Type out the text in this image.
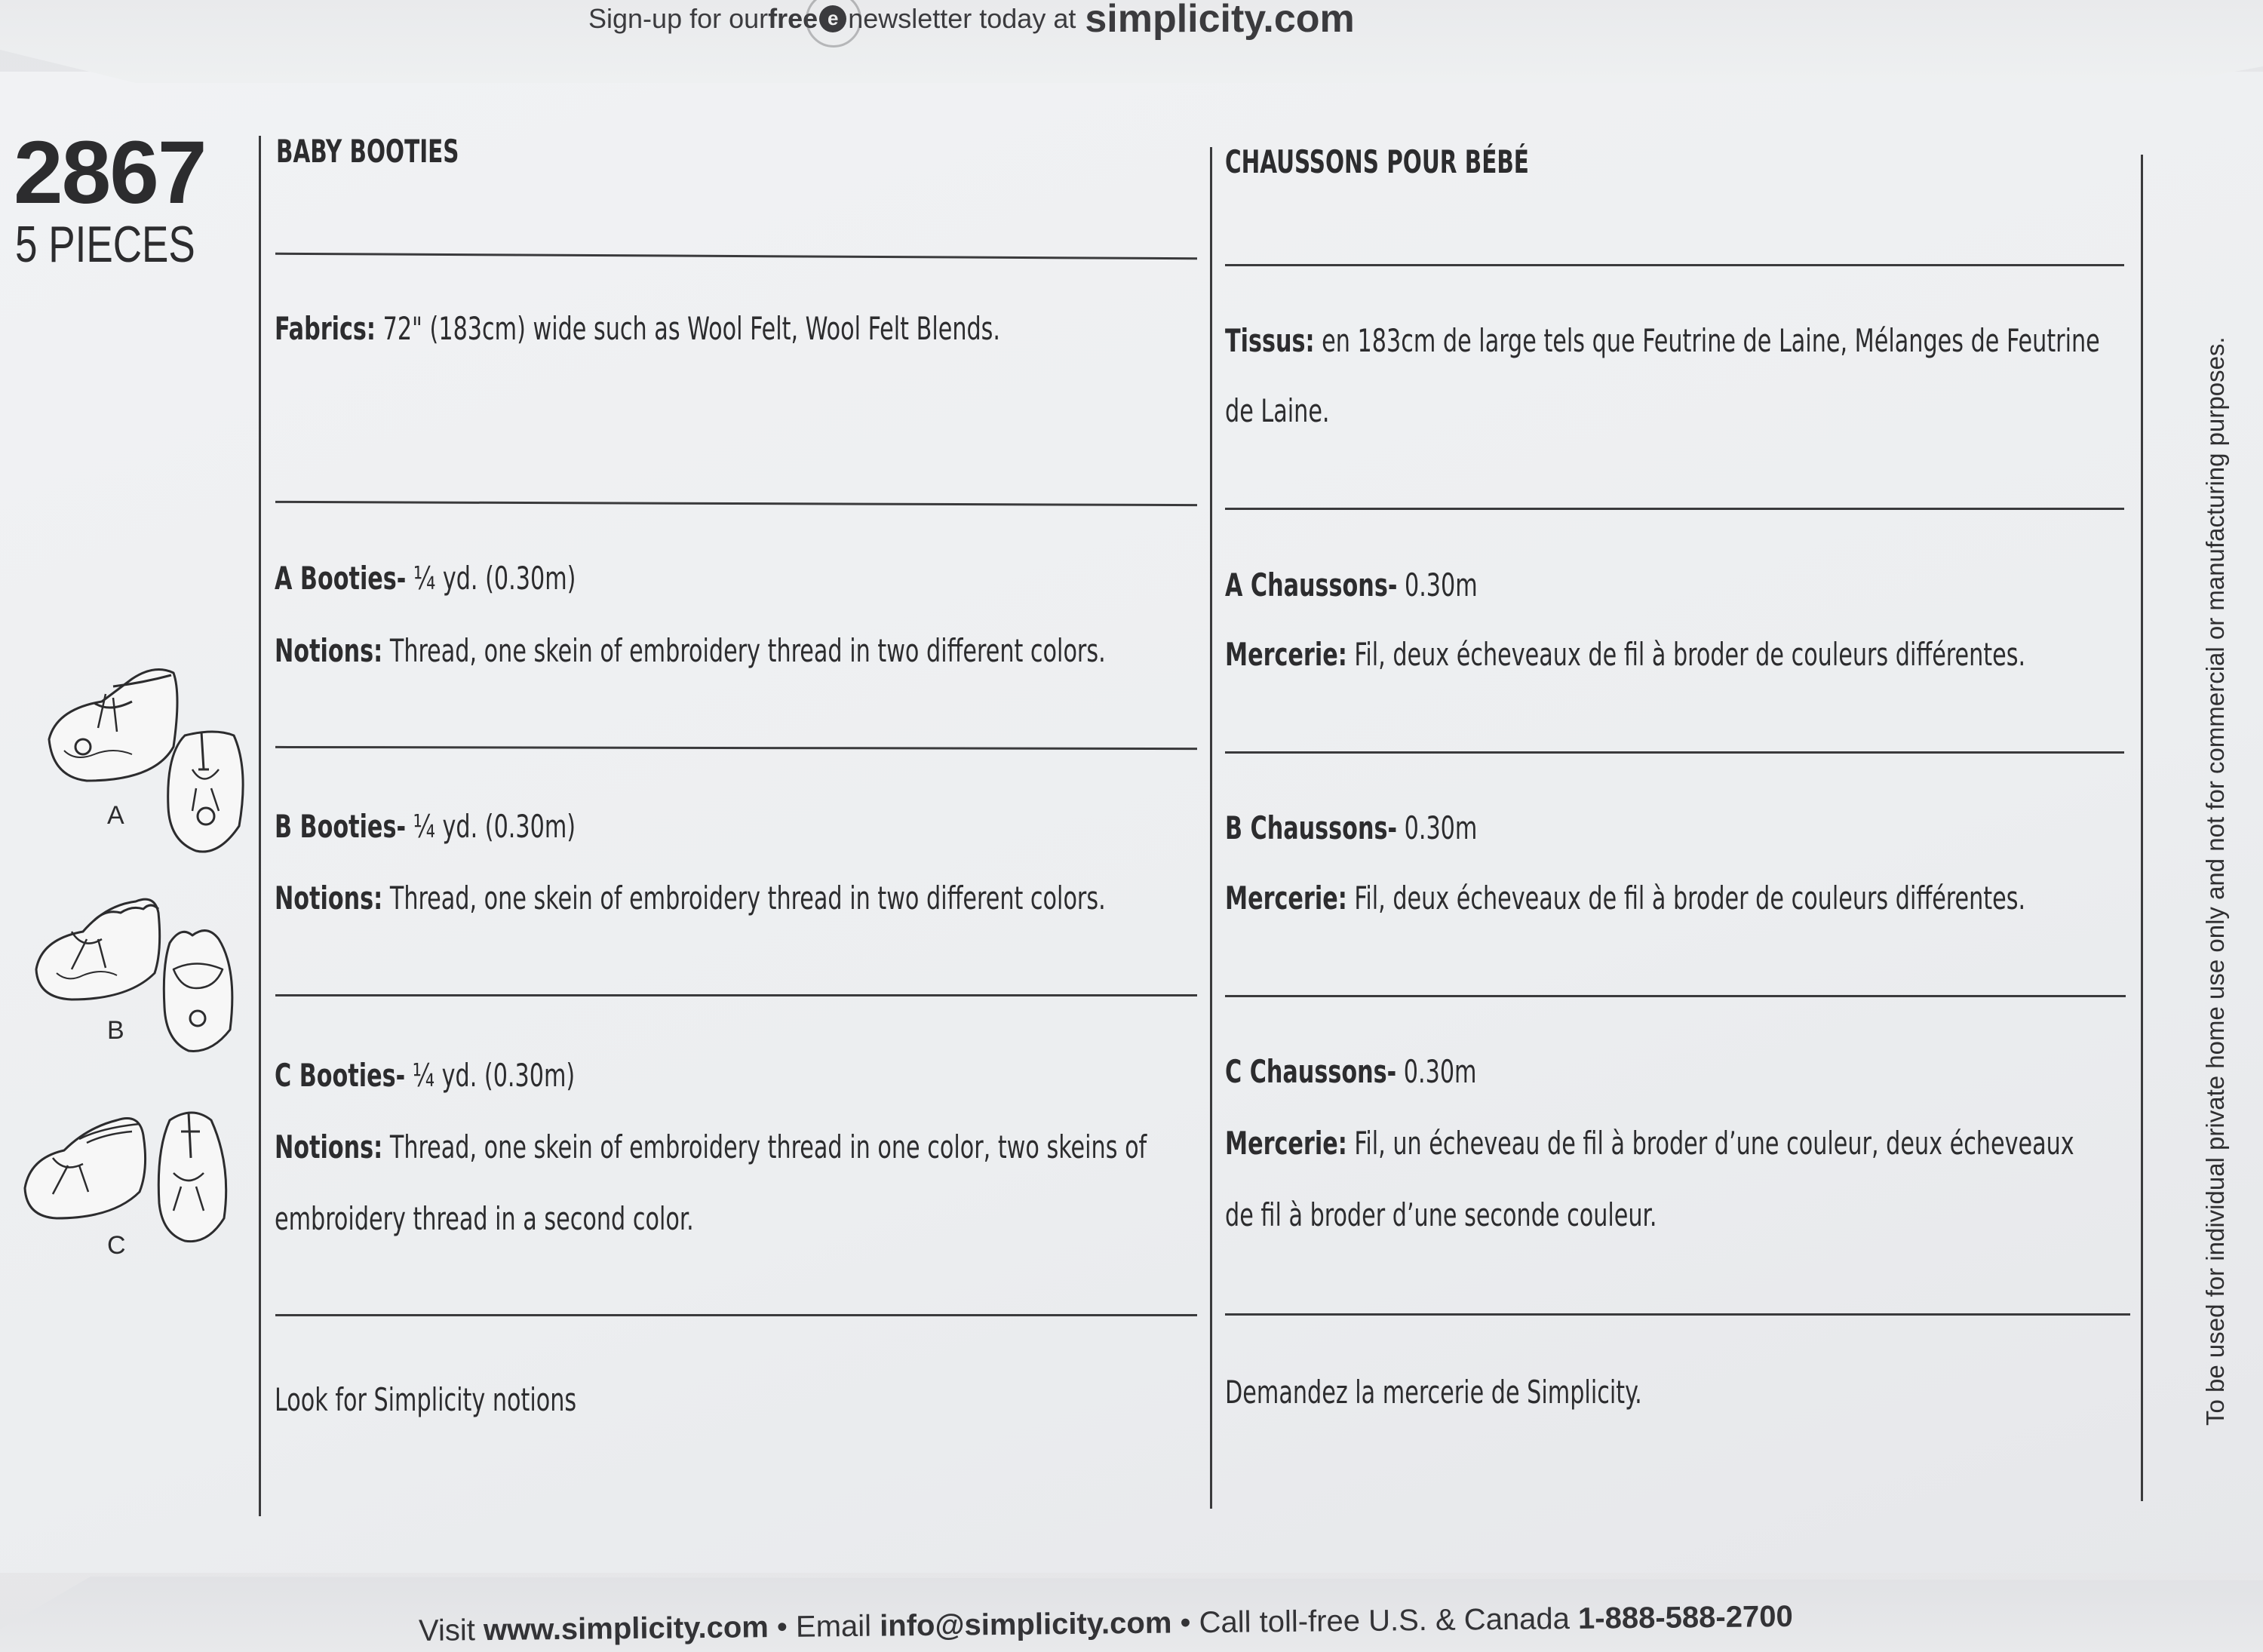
Sign-up for our free e newsletter today at simplicity.com
2867
5 PIECES
A
B
C
BABY BOOTIES
Fabrics: 72" (183cm) wide such as Wool Felt, Wool Felt Blends.
A Booties- ¼ yd. (0.30m)
Notions: Thread, one skein of embroidery thread in two different colors.
B Booties- ¼ yd. (0.30m)
Notions: Thread, one skein of embroidery thread in two different colors.
C Booties- ¼ yd. (0.30m)
Notions: Thread, one skein of embroidery thread in one color, two skeins of
embroidery thread in a second color.
Look for Simplicity notions
CHAUSSONS POUR BÉBÉ
Tissus: en 183cm de large tels que Feutrine de Laine, Mélanges de Feutrine
de Laine.
A Chaussons- 0.30m
Mercerie: Fil, deux écheveaux de fil à broder de couleurs différentes.
B Chaussons- 0.30m
Mercerie: Fil, deux écheveaux de fil à broder de couleurs différentes.
C Chaussons- 0.30m
Mercerie: Fil, un écheveau de fil à broder d’une couleur, deux écheveaux
de fil à broder d’une seconde couleur.
Demandez la mercerie de Simplicity.	To be used for individual private home use only and not for commercial or manufacturing purposes.
Visit www.simplicity.com • Email info@simplicity.com • Call toll-free U.S. & Canada 1-888-588-2700
